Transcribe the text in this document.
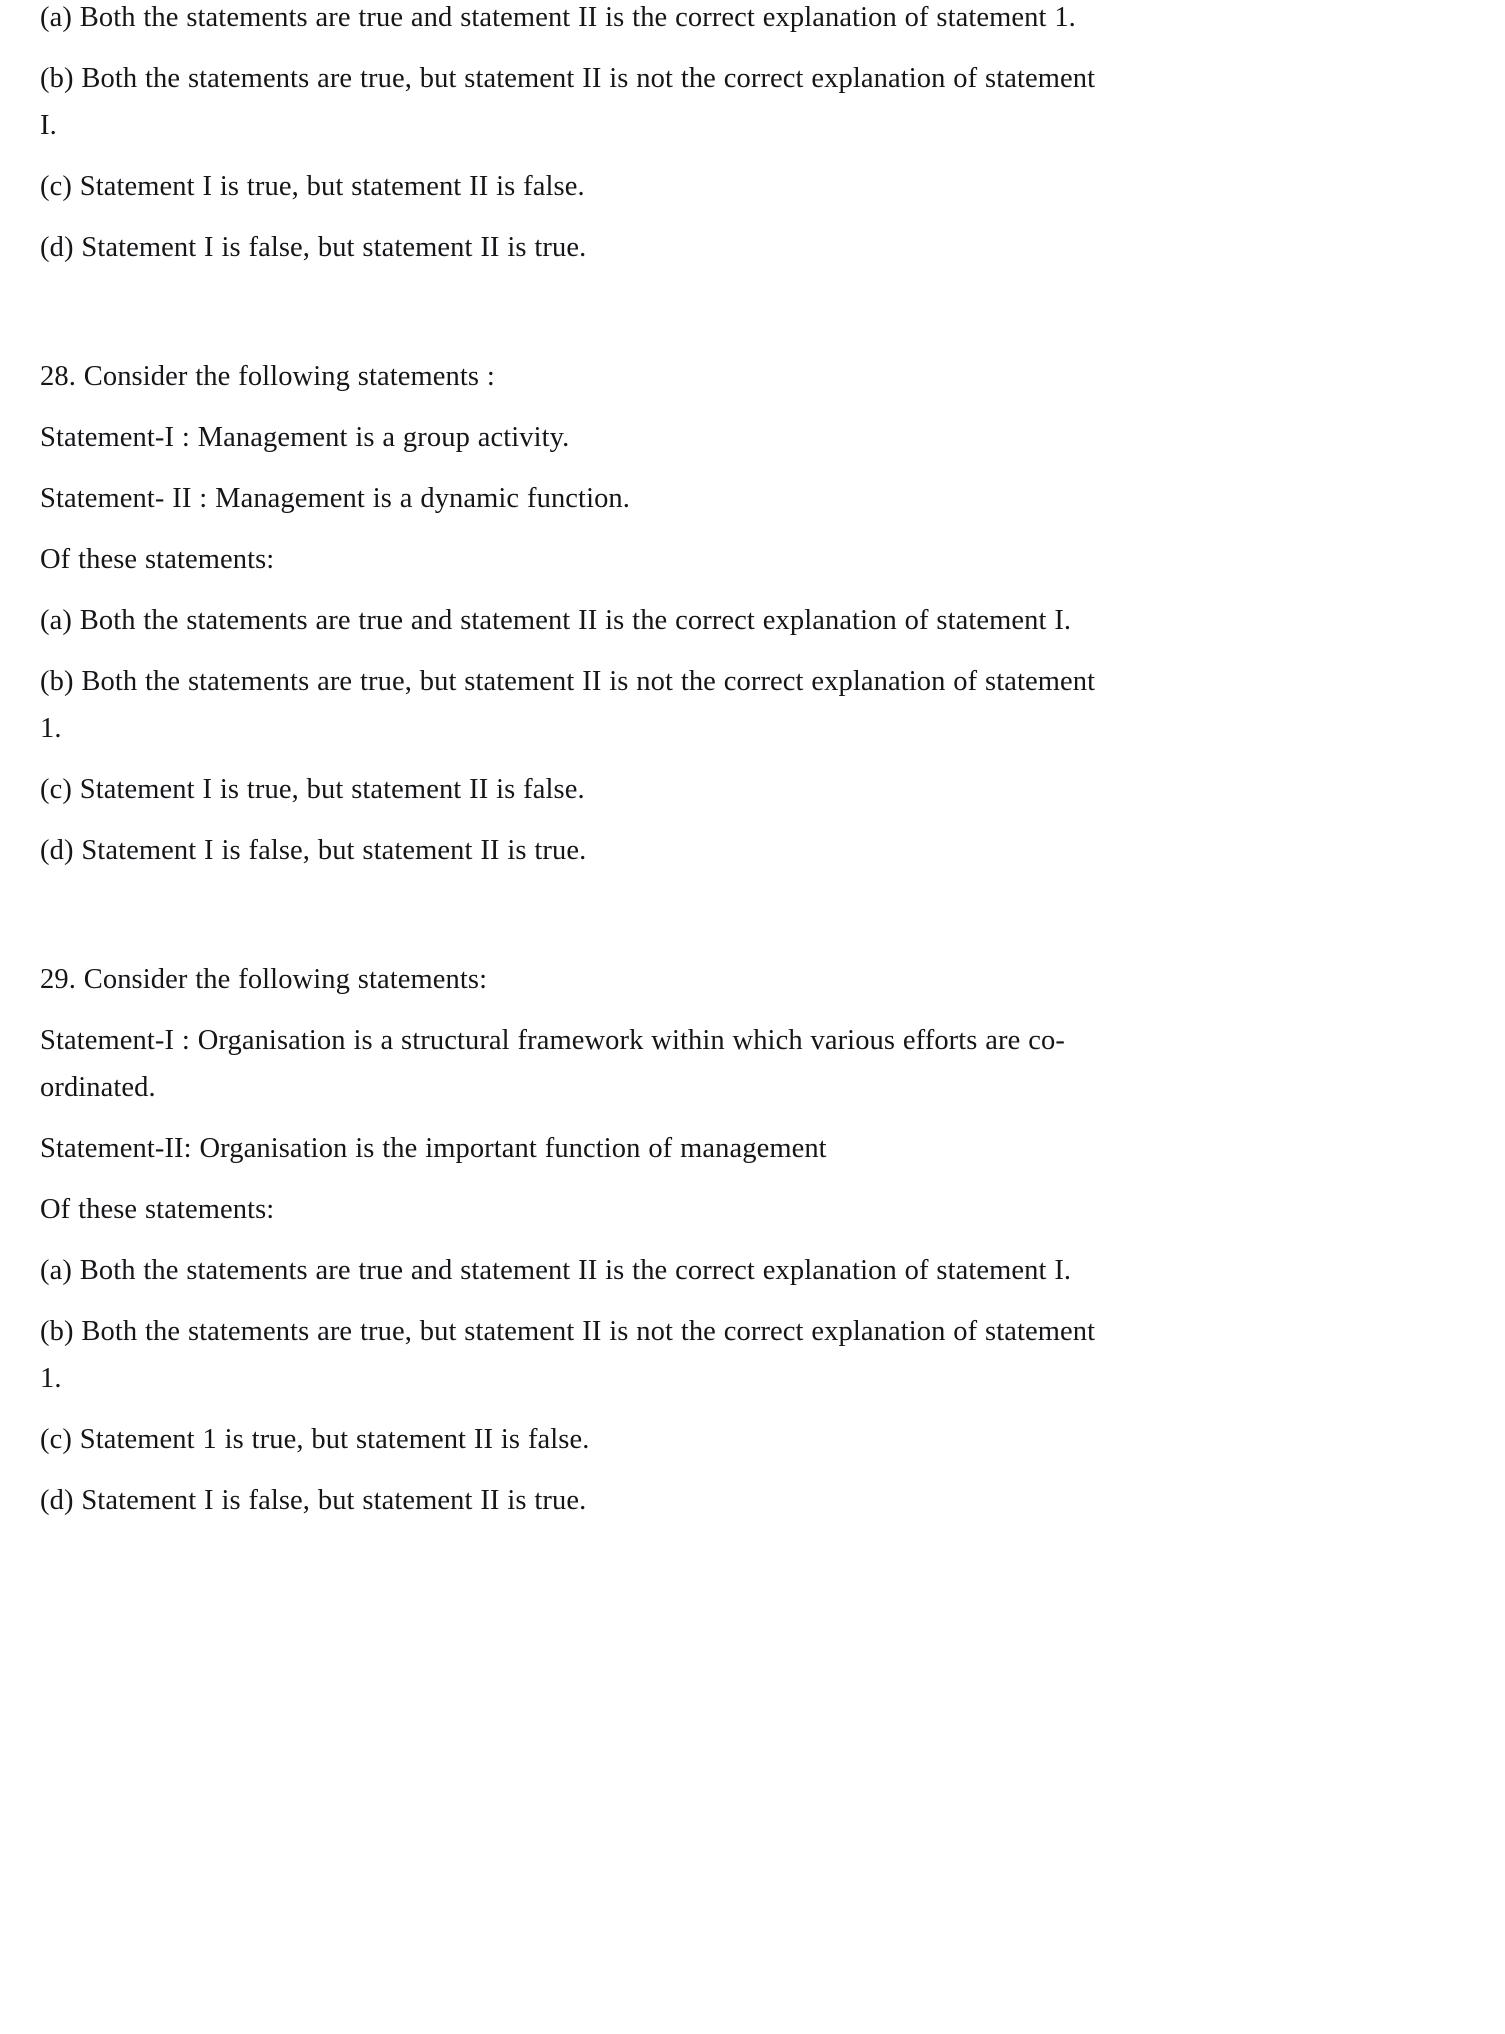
(a) Both the statements are true and statement II is the correct explanation of statement 1.

(b) Both the statements are true, but statement II is not the correct explanation of statement I.

(c) Statement I is true, but statement II is false.

(d) Statement I is false, but statement II is true.

28. Consider the following statements :

Statement-I : Management is a group activity.

Statement- II : Management is a dynamic function.

Of these statements:

(a) Both the statements are true and statement II is the correct explanation of statement I.

(b) Both the statements are true, but statement II is not the correct explanation of statement 1.

(c) Statement I is true, but statement II is false.

(d) Statement I is false, but statement II is true.

29. Consider the following statements:

Statement-I : Organisation is a structural framework within which various efforts are co-ordinated.

Statement-II: Organisation is the important function of management

Of these statements:

(a) Both the statements are true and statement II is the correct explanation of statement I.

(b) Both the statements are true, but statement II is not the correct explanation of statement 1.

(c) Statement 1 is true, but statement II is false.

(d) Statement I is false, but statement II is true.
